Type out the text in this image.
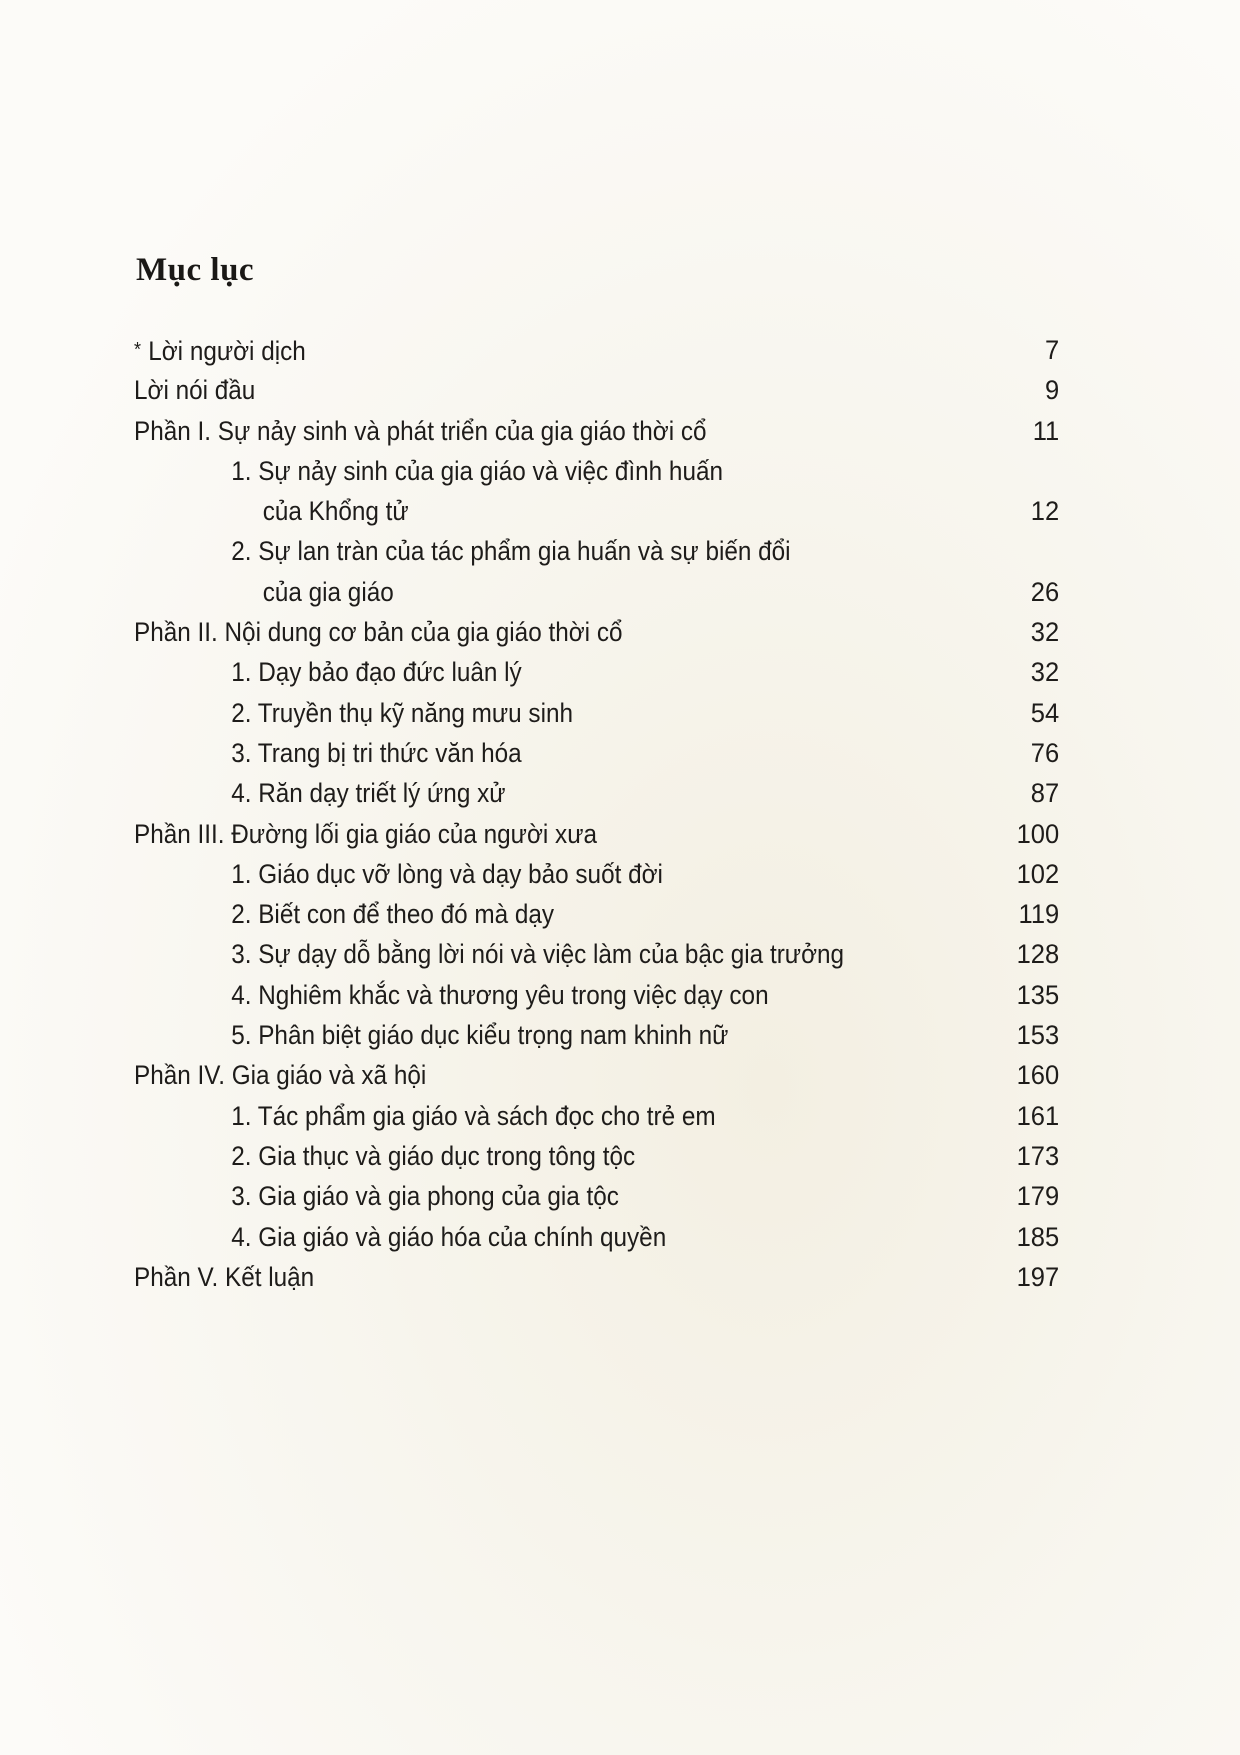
Mục lục
* Lời người dịch	7
Lời nói đầu	9
Phần I. Sự nảy sinh và phát triển của gia giáo thời cổ	11
1. Sự nảy sinh của gia giáo và việc đình huấn
của Khổng tử	12
2. Sự lan tràn của tác phẩm gia huấn và sự biến đổi
của gia giáo	26
Phần II. Nội dung cơ bản của gia giáo thời cổ	32
1. Dạy bảo đạo đức luân lý	32
2. Truyền thụ kỹ năng mưu sinh	54
3. Trang bị tri thức văn hóa	76
4. Răn dạy triết lý ứng xử	87
Phần III. Đường lối gia giáo của người xưa	100
1. Giáo dục vỡ lòng và dạy bảo suốt đời	102
2. Biết con để theo đó mà dạy	119
3. Sự dạy dỗ bằng lời nói và việc làm của bậc gia trưởng	128
4. Nghiêm khắc và thương yêu trong việc dạy con	135
5. Phân biệt giáo dục kiểu trọng nam khinh nữ	153
Phần IV. Gia giáo và xã hội	160
1. Tác phẩm gia giáo và sách đọc cho trẻ em	161
2. Gia thục và giáo dục trong tông tộc	173
3. Gia giáo và gia phong của gia tộc	179
4. Gia giáo và giáo hóa của chính quyền	185
Phần V. Kết luận	197
